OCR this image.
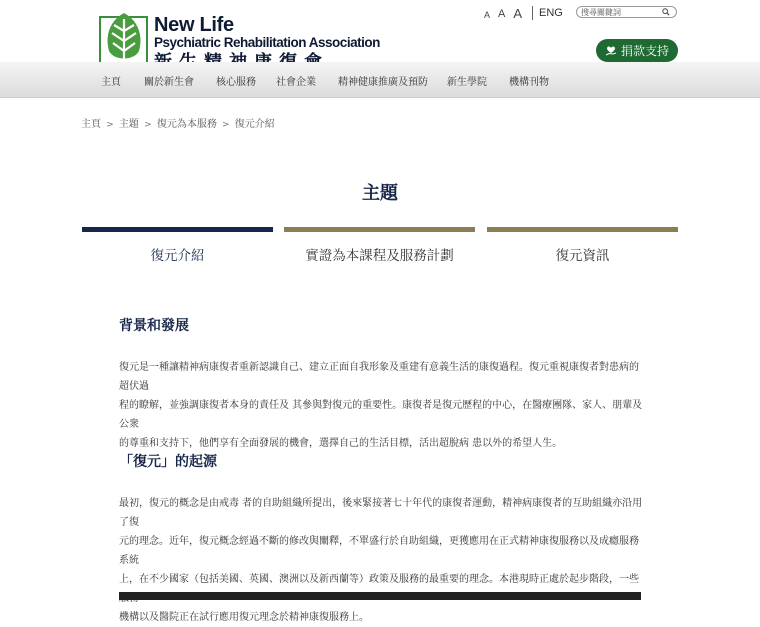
New Life
Psychiatric Rehabilitation Association
A A A ENG
搜尋關鍵詞
捐款支持
主頁 關於新生會 核心服務 社會企業 精神健康推廣及預防 新生學院 機構刊物
主頁 > 主題 > 復元為本服務 > 復元介紹
主題
復元介紹	實證為本課程及服務計劃	復元資訊
背景和發展
復元是一種讓精神病康復者重新認識自己、建立正面自我形象及重建有意義生活的康復過程。復元重視康復者對患病的超伏過
程的瞭解，並強調康復者本身的責任及 其參與對復元的重要性。康復者是復元歷程的中心，在醫療團隊、家人、朋輩及公衆
的尊重和支持下，他們享有全面發展的機會，選擇自己的生活目標，活出超脫病 患以外的希望人生。
「復元」的起源
最初，復元的概念是由戒毒 者的自助組織所提出，後來緊接著七十年代的康復者運動，精神病康復者的互助組織亦沿用了復
元的理念。近年，復元概念經過不斷的修改與闡釋，不單盛行於自助組織，更獲應用在正式精神康復服務以及成癮服務系統
上，在不少國家（包括美國、英國、澳洲以及新西蘭等）政策及服務的最重要的理念。本港現時正處於起步階段，一些
機構以及醫院正在試行應用復元理念於精神康復服務上。
